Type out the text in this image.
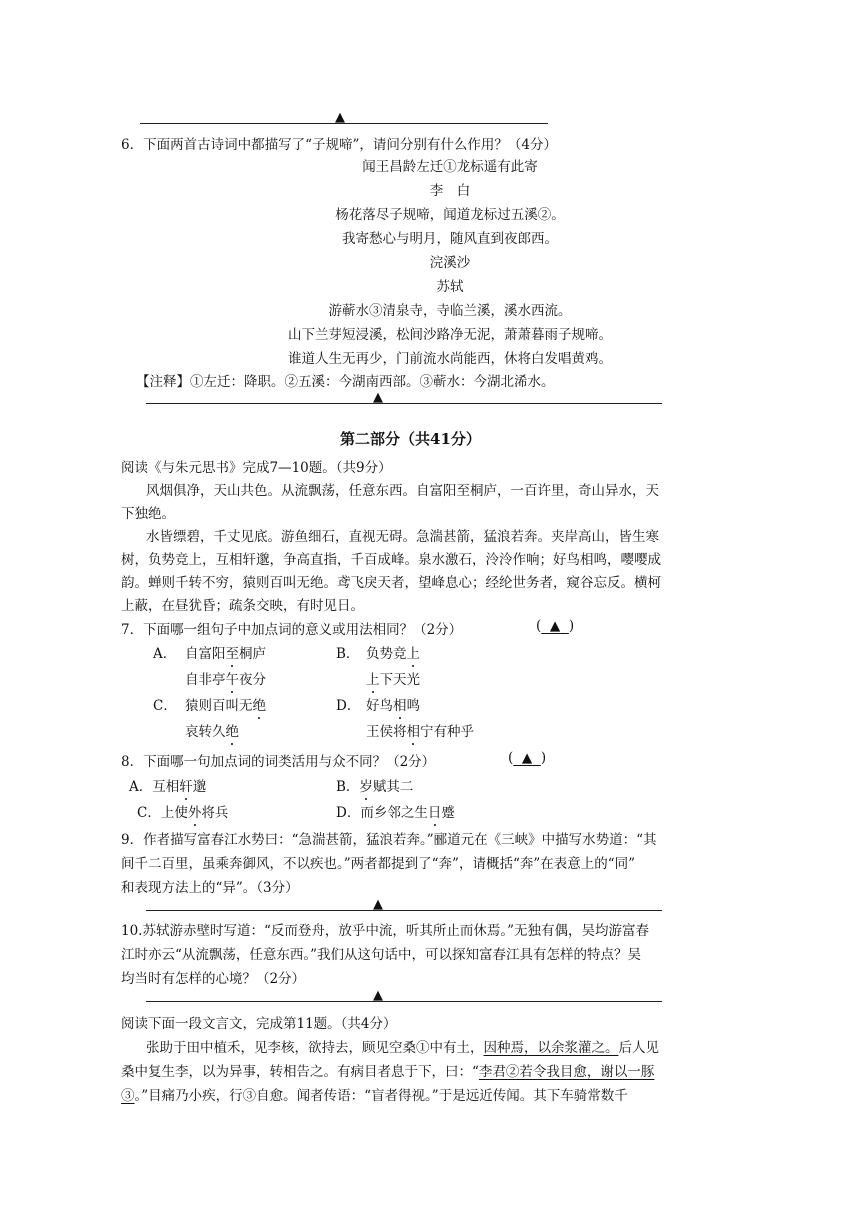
▲
6．下面两首古诗词中都描写了“子规啼”，请问分别有什么作用？（4分）
闻王昌龄左迁①龙标遥有此寄
李　白
杨花落尽子规啼，闻道龙标过五溪②。
我寄愁心与明月，随风直到夜郎西。
浣溪沙
苏轼
游蕲水③清泉寺，寺临兰溪，溪水西流。
山下兰芽短浸溪，松间沙路净无泥，萧萧暮雨子规啼。
谁道人生无再少，门前流水尚能西，休将白发唱黄鸡。
【注释】①左迁：降职。②五溪：今湖南西部。③蕲水：今湖北浠水。
▲
第二部分（共41分）
阅读《与朱元思书》完成7—10题。（共9分）
风烟俱净，天山共色。从流飘荡，任意东西。自富阳至桐庐，一百许里，奇山异水，天
下独绝。
水皆缥碧，千丈见底。游鱼细石，直视无碍。急湍甚箭，猛浪若奔。夹岸高山，皆生寒
树，负势竞上，互相轩邈，争高直指，千百成峰。泉水激石，泠泠作响；好鸟相鸣，嘤嘤成
韵。蝉则千转不穷，猿则百叫无绝。鸢飞戾天者，望峰息心；经纶世务者，窥谷忘反。横柯
上蔽，在昼犹昏；疏条交映，有时见日。
7．下面哪一组句子中加点词的意义或用法相同？（2分）	( ▲ )
A． 自富阳至桐庐
自非亭午夜分
B． 负势竞上
上下天光
C． 猿则百叫无绝
哀转久绝
D． 好鸟相鸣
王侯将相宁有种乎
8．下面哪一句加点词的词类活用与众不同？（2分）	( ▲ )
A．互相轩邈	B．岁赋其二
C．上使外将兵	D．而乡邻之生日蹙
9．作者描写富春江水势曰：“急湍甚箭，猛浪若奔。”郦道元在《三峡》中描写水势道：“其
间千二百里，虽乘奔御风，不以疾也。”两者都提到了“奔”，请概括“奔”在表意上的“同”
和表现方法上的“异”。（3分）
▲
10.苏轼游赤壁时写道：“反而登舟，放乎中流，听其所止而休焉。”无独有偶，吴均游富春
江时亦云“从流飘荡，任意东西。”我们从这句话中，可以探知富春江具有怎样的特点？吴
均当时有怎样的心境？（2分）
▲
阅读下面一段文言文，完成第11题。（共4分）
张助于田中植禾，见李核，欲持去，顾见空桑①中有土，因种焉，以余浆灌之。后人见
桑中复生李，以为异事，转相告之。有病目者息于下，曰：“李君②若令我目愈，谢以一豚
③。”目痛乃小疾，行③自愈。闻者传语：“盲者得视。”于是远近传闻。其下车骑常数千
